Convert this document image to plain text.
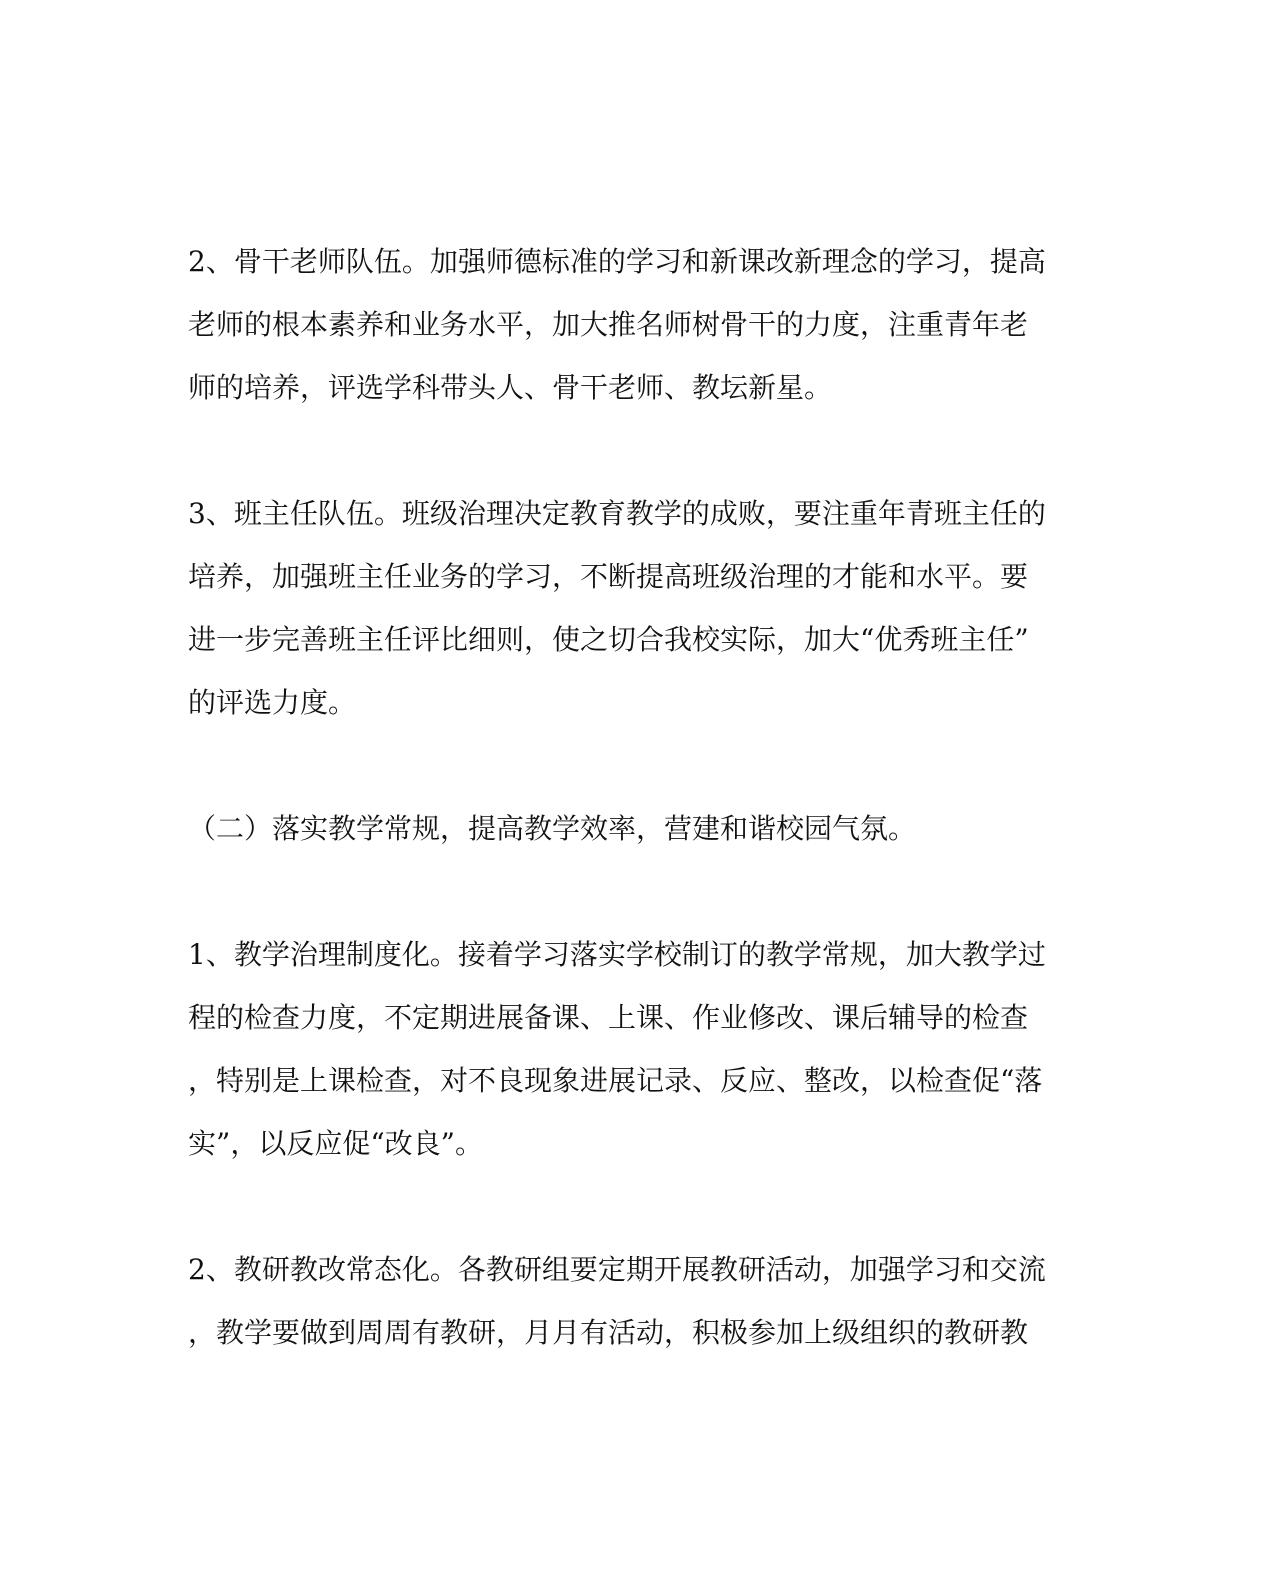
2、骨干老师队伍。加强师德标准的学习和新课改新理念的学习，提高
老师的根本素养和业务水平，加大推名师树骨干的力度，注重青年老
师的培养，评选学科带头人、骨干老师、教坛新星。
3、班主任队伍。班级治理决定教育教学的成败，要注重年青班主任的
培养，加强班主任业务的学习，不断提高班级治理的才能和水平。要
进一步完善班主任评比细则，使之切合我校实际，加大“优秀班主任”
的评选力度。
（二）落实教学常规，提高教学效率，营建和谐校园气氛。
1、教学治理制度化。接着学习落实学校制订的教学常规，加大教学过
程的检查力度，不定期进展备课、上课、作业修改、课后辅导的检查
，特别是上课检查，对不良现象进展记录、反应、整改，以检查促“落
实”，以反应促“改良”。
2、教研教改常态化。各教研组要定期开展教研活动，加强学习和交流
，教学要做到周周有教研，月月有活动，积极参加上级组织的教研教
